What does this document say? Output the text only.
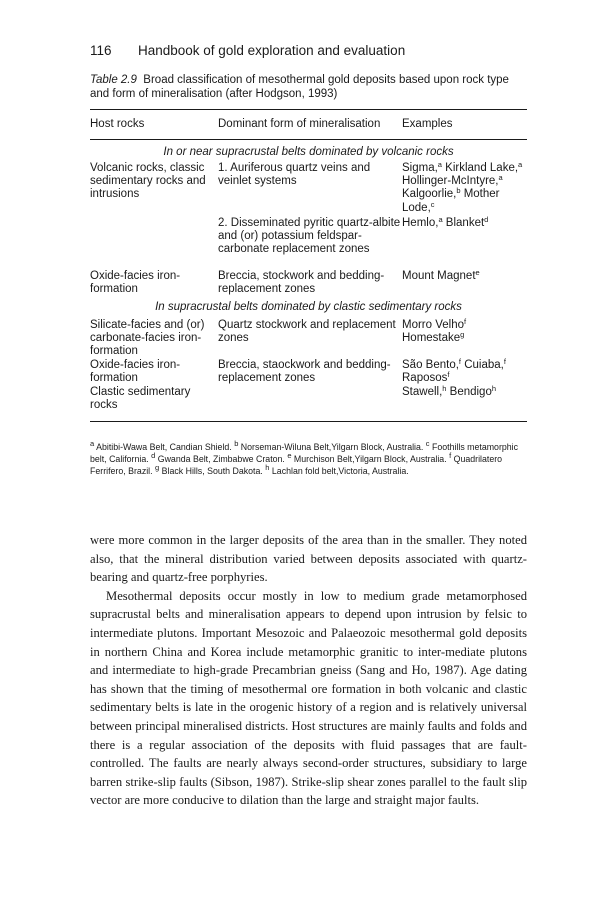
116 Handbook of gold exploration and evaluation
Table 2.9 Broad classification of mesothermal gold deposits based upon rock type and form of mineralisation (after Hodgson, 1993)
Host rocks	Dominant form of mineralisation	Examples
In or near supracrustal belts dominated by volcanic rocks
Volcanic rocks, classic sedimentary rocks and intrusions
1. Auriferous quartz veins and veinlet systems
Sigma,$^a$ Kirkland Lake,$^a$ Hollinger-McIntyre,$^a$ Kalgoorlie,$^b$ Mother Lode,$^c$
2. Disseminated pyritic quartz-albite and (or) potassium feldspar- carbonate replacement zones
Hemlo,$^a$ Blanket$^d$
Oxide-facies iron-formation
Breccia, stockwork and bedding-replacement zones
Mount Magnet$^e$
In supracrustal belts dominated by clastic sedimentary rocks
Silicate-facies and (or) carbonate-facies iron-formation
Quartz stockwork and replacement zones
Morro Velho$^f$
Homestake$^g$
Oxide-facies iron-formation
Breccia, staockwork and bedding-replacement zones
São Bento,$^f$ Cuiaba,$^f$ Raposos$^f$
Clastic sedimentary rocks
Stawell,$^h$ Bendigo$^h$
$^a$ Abitibi-Wawa Belt, Candian Shield. $^b$ Norseman-Wiluna Belt,Yilgarn Block, Australia. $^c$ Foothills metamorphic belt, California. $^d$ Gwanda Belt, Zimbabwe Craton. $^e$ Murchison Belt,Yilgarn Block, Australia. $^f$ Quadrilatero Ferrifero, Brazil. $^g$ Black Hills, South Dakota. $^h$ Lachlan fold belt,Victoria, Australia.

were more common in the larger deposits of the area than in the smaller. They noted also, that the mineral distribution varied between deposits associated with quartz-bearing and quartz-free porphyries.

Mesothermal deposits occur mostly in low to medium grade metamorphosed supracrustal belts and mineralisation appears to depend upon intrusion by felsic to intermediate plutons. Important Mesozoic and Palaeozoic mesothermal gold deposits in northern China and Korea include metamorphic granitic to inter-mediate plutons and intermediate to high-grade Precambrian gneiss (Sang and Ho, 1987). Age dating has shown that the timing of mesothermal ore formation in both volcanic and clastic sedimentary belts is late in the orogenic history of a region and is relatively universal between principal mineralised districts. Host structures are mainly faults and folds and there is a regular association of the deposits with fluid passages that are fault-controlled. The faults are nearly always second-order structures, subsidiary to large barren strike-slip faults (Sibson, 1987). Strike-slip shear zones parallel to the fault slip vector are more conducive to dilation than the large and straight major faults.
